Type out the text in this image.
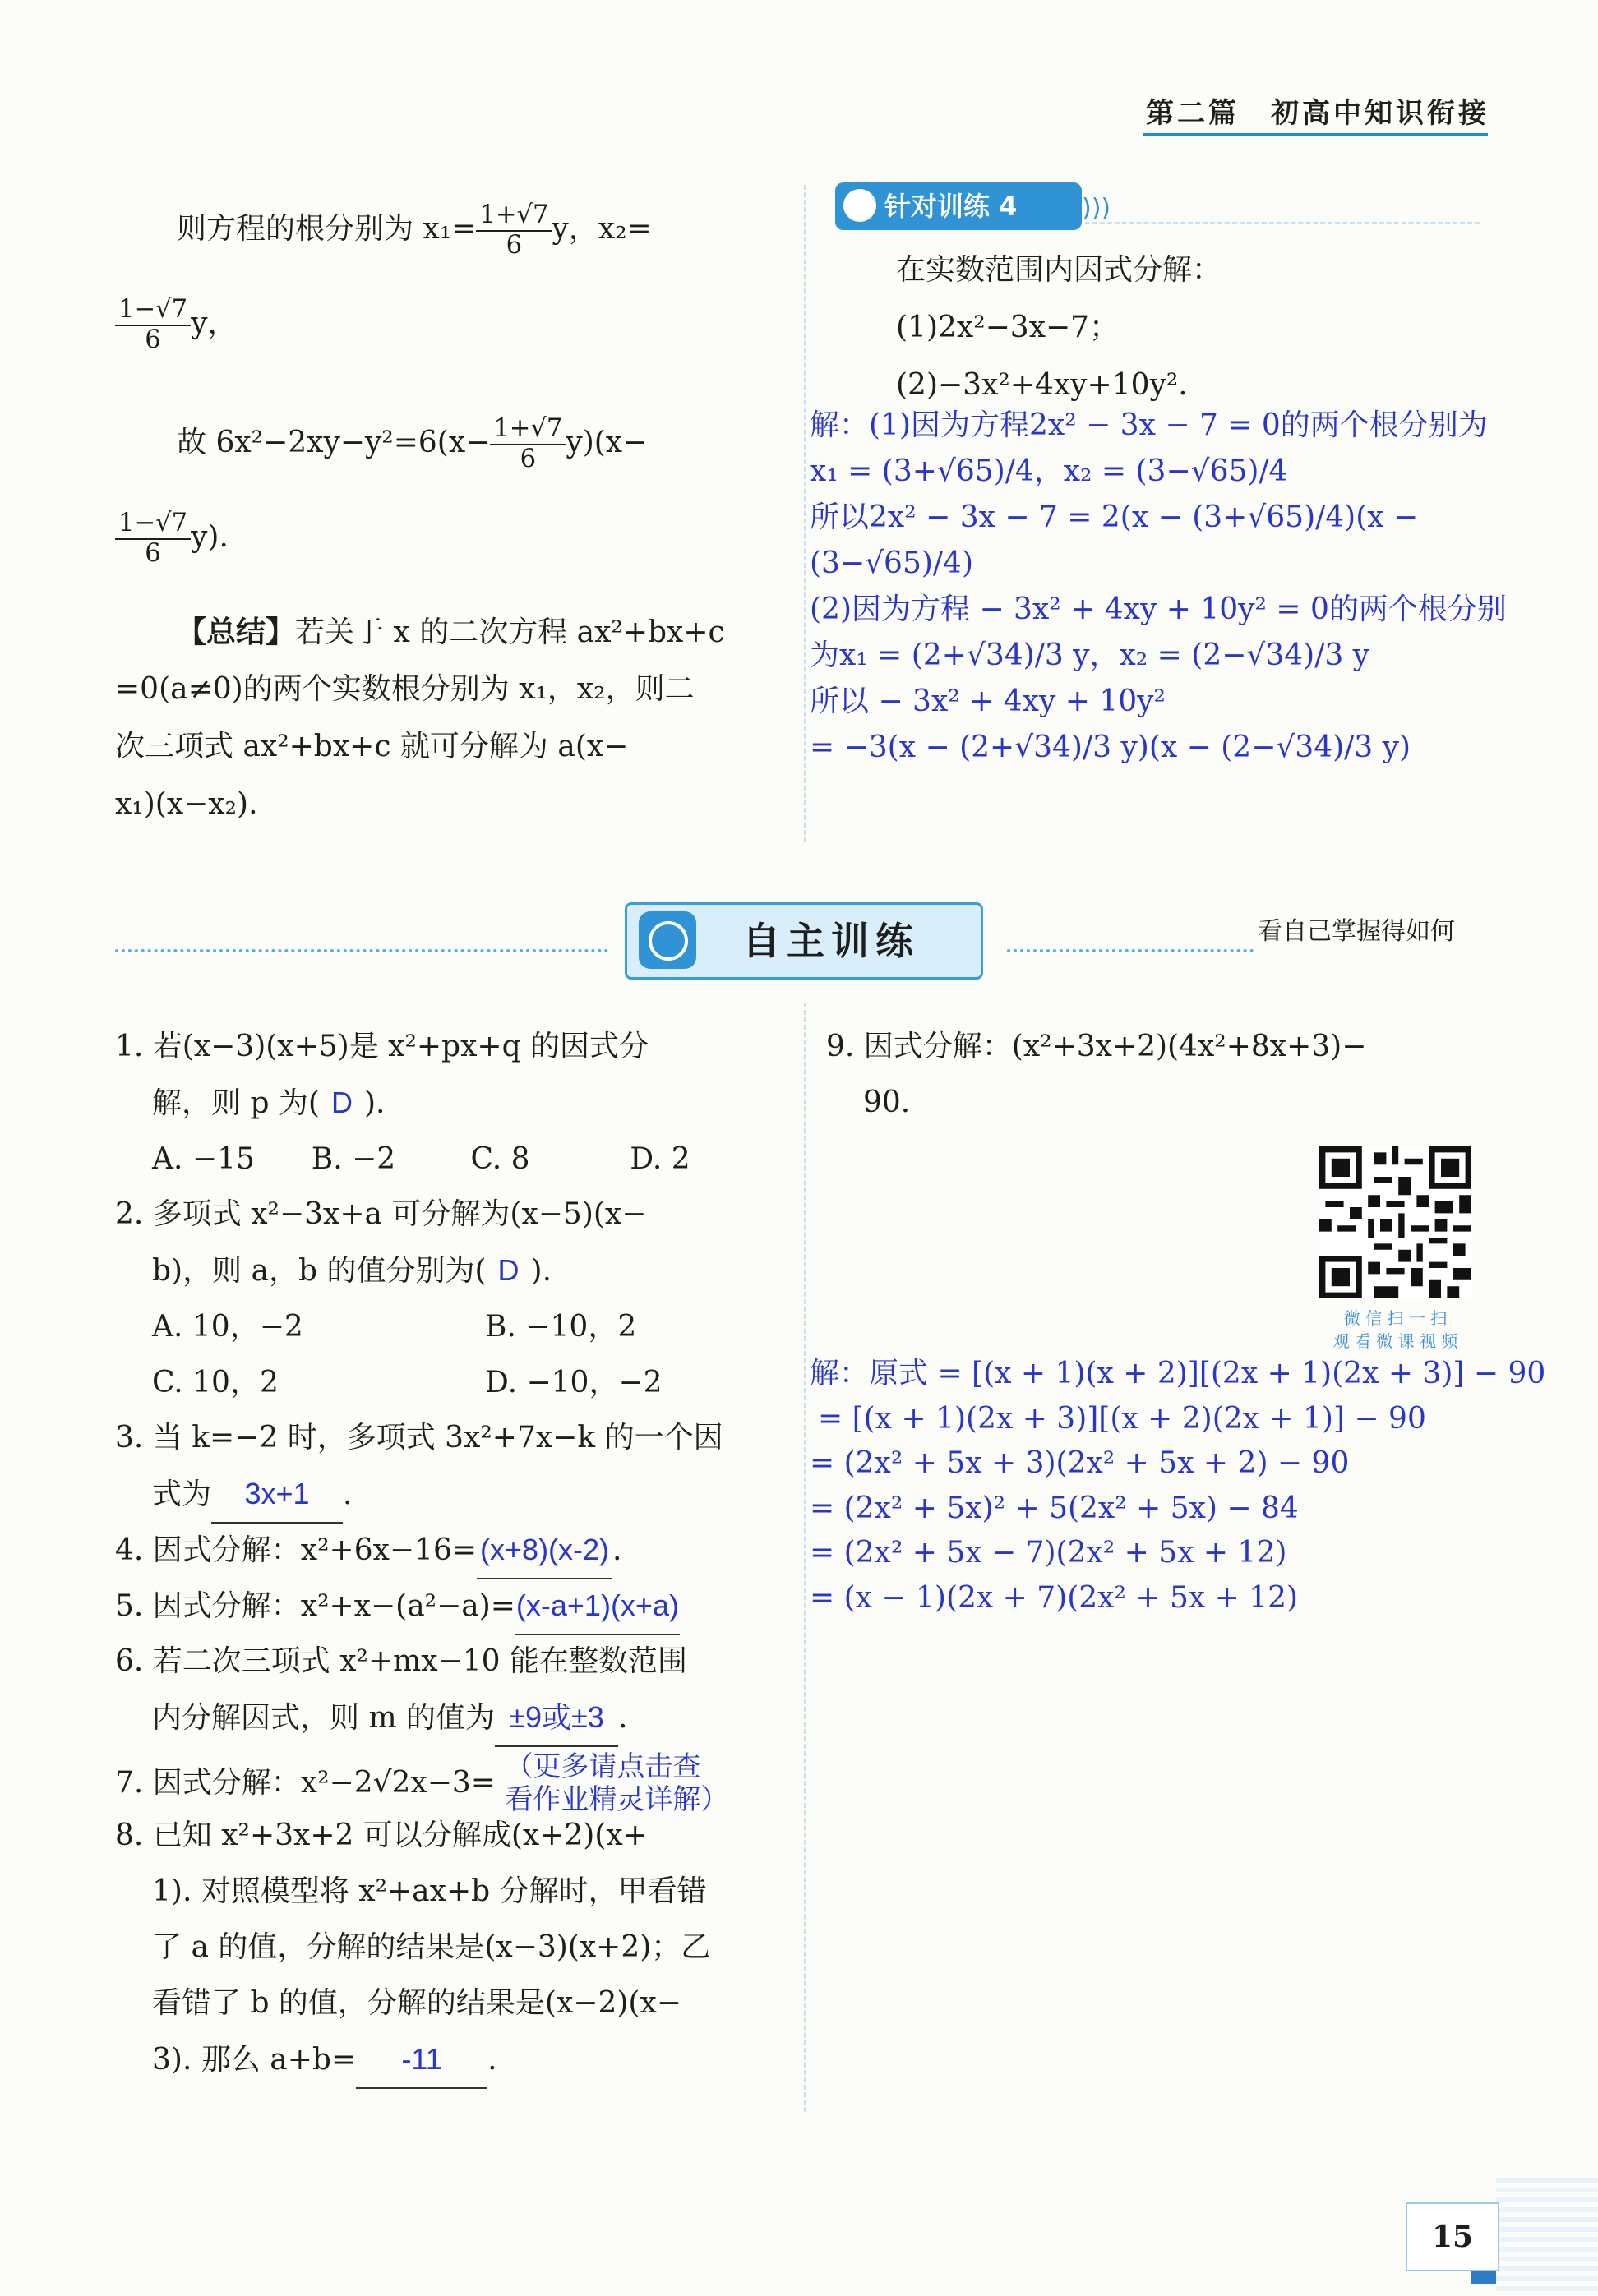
第二篇　初高中知识衔接
则方程的根分别为 $x_1= \frac{1+√7}{6}$ y，x₂=
$\frac{1-√7}{6}$ y，
故 $6x^2-2xy-y^2=6(x- \frac{1+√7}{6} y)(x-$
$\frac{1-√7}{6} y$).
【总结】若关于 x 的二次方程 ax²+bx+c
=0(a≠0)的两个实数根分别为 x₁，x₂，则二
次三项式 ax²+bx+c 就可分解为 a(x−
x₁)(x−x₂).
针对训练 4	)))
在实数范围内因式分解：
(1)2x²−3x−7；
(2)−3x²+4xy+10y².
解：(1)因为方程2x² − 3x − 7 = 0的两个根分别为
x₁ = (3+√65)/4，x₂ = (3−√65)/4
所以2x² − 3x − 7 = 2(x − (3+√65)/4)(x − (3−√65)/4)
(2)因为方程 − 3x² + 4xy + 10y² = 0的两个根分别
为x₁ = (2+√34)/3 y，x₂ = (2−√34)/3 y
所以 − 3x² + 4xy + 10y²
= −3(x − (2+√34)/3 y)(x − (2−√34)/3 y)
自主训练	看自己掌握得如何
1. 若(x−3)(x+5)是 x²+px+q 的因式分
解，则 p 为( D ).
A. −15	B. −2	C. 8	D. 2
2. 多项式 x²−3x+a 可分解为(x−5)(x−
b)，则 a，b 的值分别为( D ).
A. 10，−2	B. −10，2
C. 10，2	D. −10，−2
3. 当 k=−2 时，多项式 3x²+7x−k 的一个因
式为 3x+1 .
4. 因式分解：x²+6x−16= (x+8)(x-2) .
5. 因式分解：x²+x−(a²−a)=(x-a+1)(x+a)
6. 若二次三项式 x²+mx−10 能在整数范围
内分解因式，则 m 的值为 ±9或±3 .
7. 因式分解：x²−2√2x−3= （更多请点击查
看作业精灵详解）
8. 已知 x²+3x+2 可以分解成(x+2)(x+
1). 对照模型将 x²+ax+b 分解时，甲看错
了 a 的值，分解的结果是(x−3)(x+2)；乙
看错了 b 的值，分解的结果是(x−2)(x−
3). 那么 a+b= -11 .
9. 因式分解：(x²+3x+2)(4x²+8x+3)−
90.
微 信 扫 一 扫
观 看 微 课 视 频
解：原式 = [(x + 1)(x + 2)][(2x + 1)(2x + 3)] − 90
= [(x + 1)(2x + 3)][(x + 2)(2x + 1)] − 90
= (2x² + 5x + 3)(2x² + 5x + 2) − 90
= (2x² + 5x)² + 5(2x² + 5x) − 84
= (2x² + 5x − 7)(2x² + 5x + 12)
= (x − 1)(2x + 7)(2x² + 5x + 12)
15
